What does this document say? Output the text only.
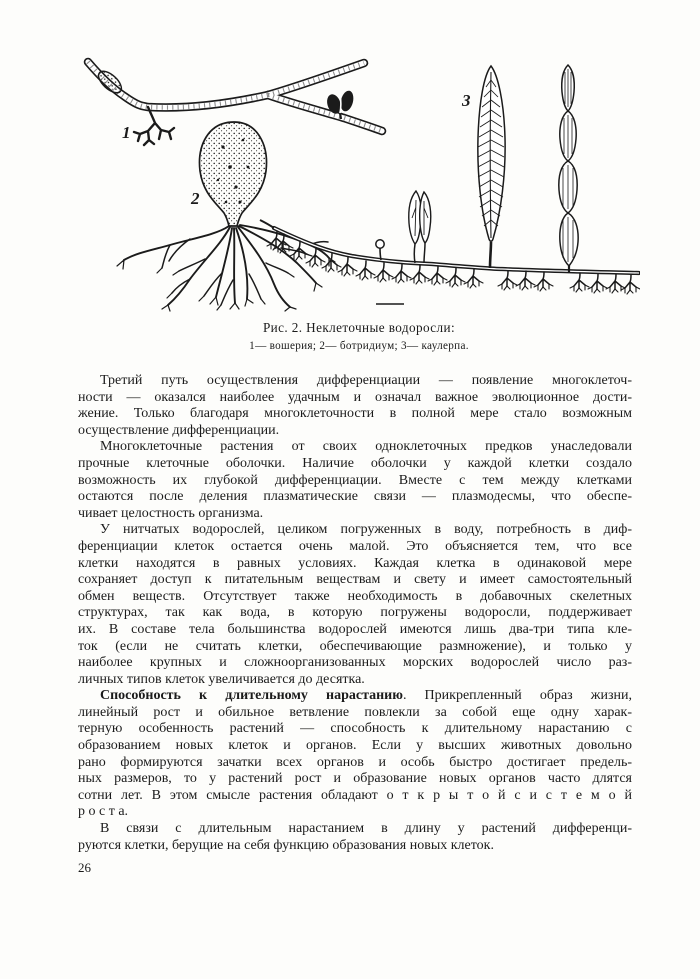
1
2
3
Рис. 2. Неклеточные водоросли:
1— вошерия; 2— ботридиум; 3— каулерпа.
Третий путь осуществления дифференциации — появление многоклеточ-
ности — оказался наиболее удачным и означал важное эволюционное дости-
жение. Только благодаря многоклеточности в полной мере стало возможным
осуществление дифференциации.
Многоклеточные растения от своих одноклеточных предков унаследовали
прочные клеточные оболочки. Наличие оболочки у каждой клетки создало
возможность их глубокой дифференциации. Вместе с тем между клетками
остаются после деления плазматические связи — плазмодесмы, что обеспе-
чивает целостность организма.
У нитчатых водорослей, целиком погруженных в воду, потребность в диф-
ференциации клеток остается очень малой. Это объясняется тем, что все
клетки находятся в равных условиях. Каждая клетка в одинаковой мере
сохраняет доступ к питательным веществам и свету и имеет самостоятельный
обмен веществ. Отсутствует также необходимость в добавочных скелетных
структурах, так как вода, в которую погружены водоросли, поддерживает
их. В составе тела большинства водорослей имеются лишь два-три типа кле-
ток (если не считать клетки, обеспечивающие размножение), и только у
наиболее крупных и сложноорганизованных морских водорослей число раз-
личных типов клеток увеличивается до десятка.
Способность к длительному нарастанию. Прикрепленный образ жизни,
линейный рост и обильное ветвление повлекли за собой еще одну харак-
терную особенность растений — способность к длительному нарастанию с
образованием новых клеток и органов. Если у высших животных довольно
рано формируются зачатки всех органов и особь быстро достигает предель-
ных размеров, то у растений рост и образование новых органов часто длятся
сотни лет. В этом смысле растения обладают о т к р ы т о й с и с т е м о й
р о с т а.
В связи с длительным нарастанием в длину у растений дифференци-
руются клетки, берущие на себя функцию образования новых клеток.
26
